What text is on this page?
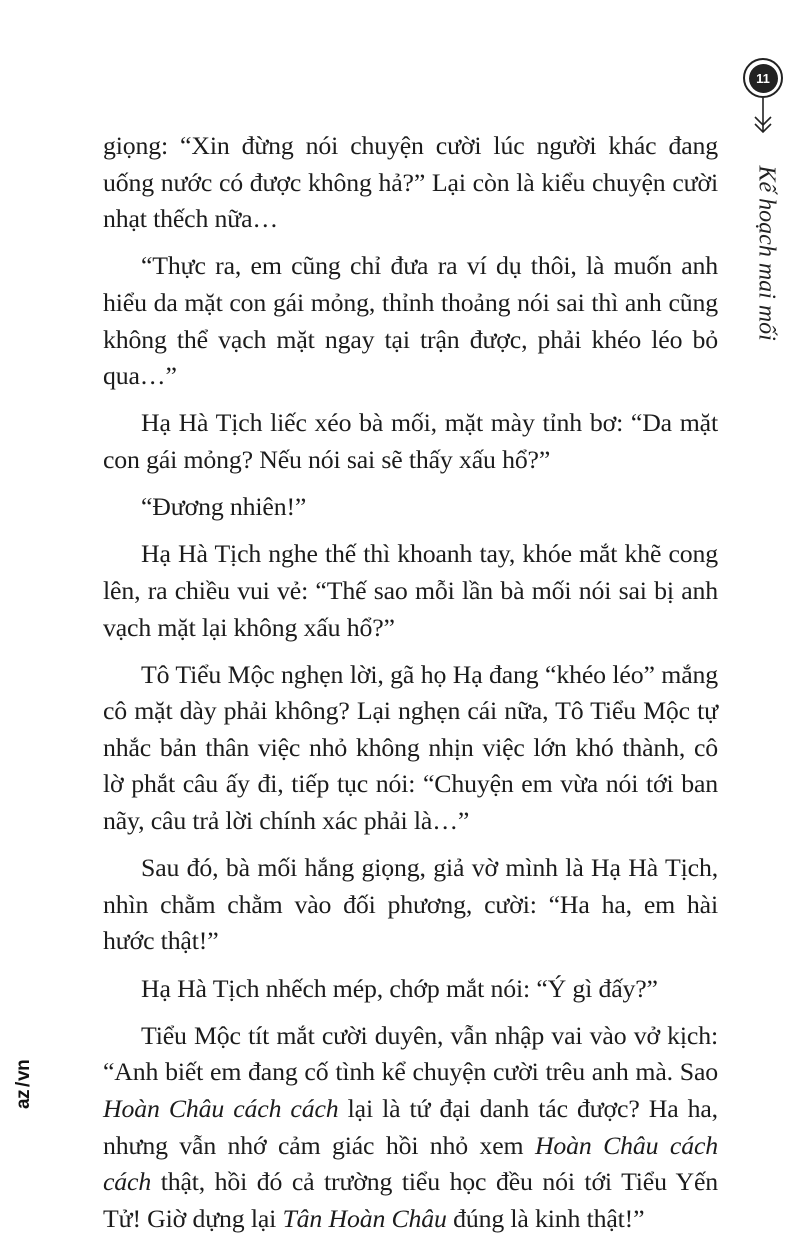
11
Kế hoạch mai mối

giọng: “Xin đừng nói chuyện cười lúc người khác đang uống nước có được không hả?” Lại còn là kiểu chuyện cười nhạt thếch nữa…

“Thực ra, em cũng chỉ đưa ra ví dụ thôi, là muốn anh hiểu da mặt con gái mỏng, thỉnh thoảng nói sai thì anh cũng không thể vạch mặt ngay tại trận được, phải khéo léo bỏ qua…”

Hạ Hà Tịch liếc xéo bà mối, mặt mày tỉnh bơ: “Da mặt con gái mỏng? Nếu nói sai sẽ thấy xấu hổ?”

“Đương nhiên!”

Hạ Hà Tịch nghe thế thì khoanh tay, khóe mắt khẽ cong lên, ra chiều vui vẻ: “Thế sao mỗi lần bà mối nói sai bị anh vạch mặt lại không xấu hổ?”

Tô Tiểu Mộc nghẹn lời, gã họ Hạ đang “khéo léo” mắng cô mặt dày phải không? Lại nghẹn cái nữa, Tô Tiểu Mộc tự nhắc bản thân việc nhỏ không nhịn việc lớn khó thành, cô lờ phắt câu ấy đi, tiếp tục nói: “Chuyện em vừa nói tới ban nãy, câu trả lời chính xác phải là…”

Sau đó, bà mối hắng giọng, giả vờ mình là Hạ Hà Tịch, nhìn chằm chằm vào đối phương, cười: “Ha ha, em hài hước thật!”

Hạ Hà Tịch nhếch mép, chớp mắt nói: “Ý gì đấy?”

Tiểu Mộc tít mắt cười duyên, vẫn nhập vai vào vở kịch: “Anh biết em đang cố tình kể chuyện cười trêu anh mà. Sao Hoàn Châu cách cách lại là tứ đại danh tác được? Ha ha, nhưng vẫn nhớ cảm giác hồi nhỏ xem Hoàn Châu cách cách thật, hồi đó cả trường tiểu học đều nói tới Tiểu Yến Tử! Giờ dựng lại Tân Hoàn Châu đúng là kinh thật!”

az
/
vn
